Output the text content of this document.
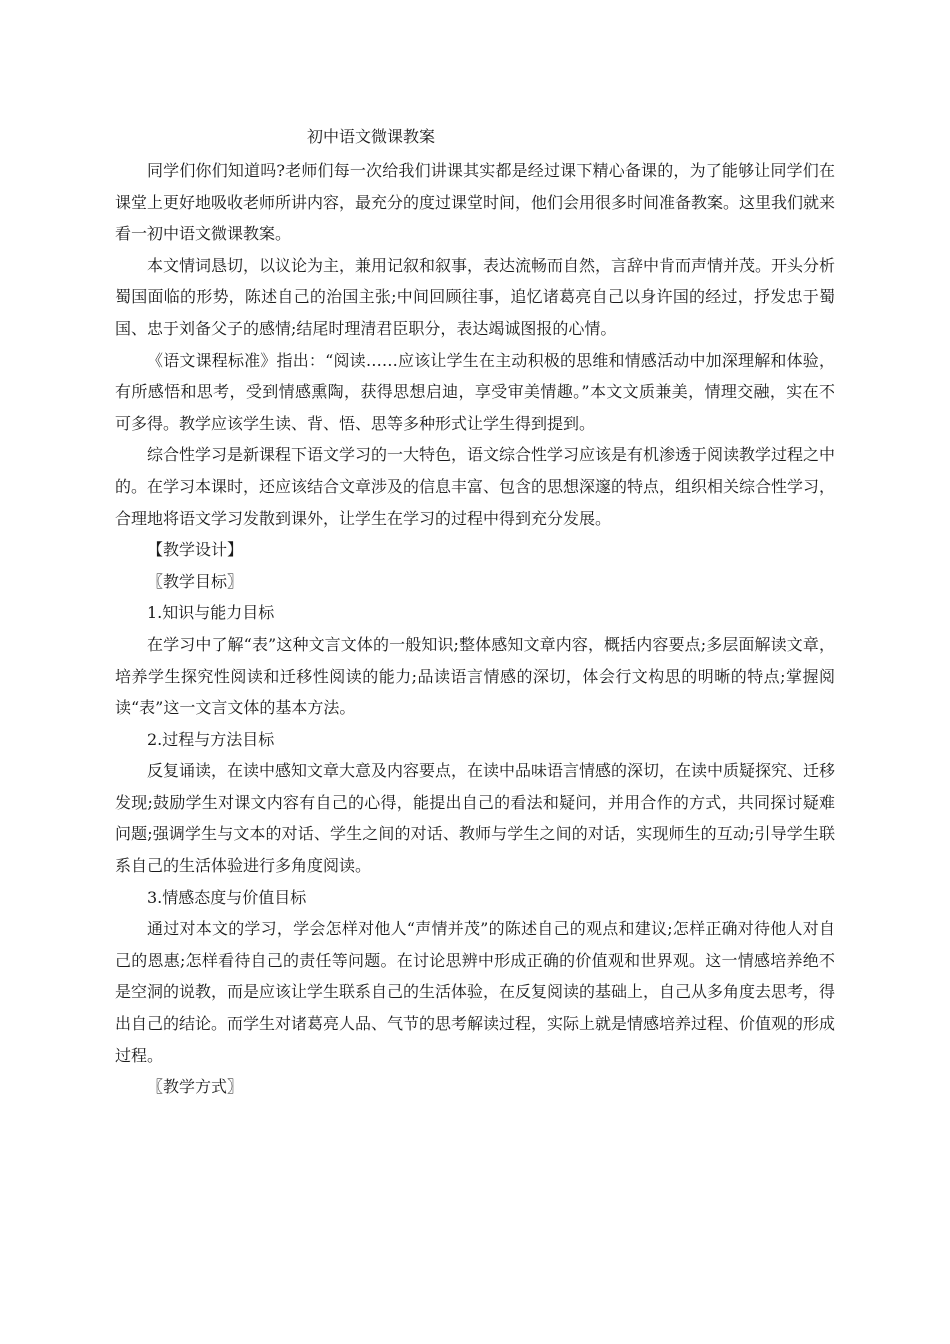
初中语文微课教案

同学们你们知道吗?老师们每一次给我们讲课其实都是经过课下精心备课的，为了能够让同学们在课堂上更好地吸收老师所讲内容，最充分的度过课堂时间，他们会用很多时间准备教案。这里我们就来看一初中语文微课教案。

本文情词恳切，以议论为主，兼用记叙和叙事，表达流畅而自然，言辞中肯而声情并茂。开头分析蜀国面临的形势，陈述自己的治国主张;中间回顾往事，追忆诸葛亮自己以身许国的经过，抒发忠于蜀国、忠于刘备父子的感情;结尾时理清君臣职分，表达竭诚图报的心情。

《语文课程标准》指出：“阅读……应该让学生在主动积极的思维和情感活动中加深理解和体验，有所感悟和思考，受到情感熏陶，获得思想启迪，享受审美情趣。”本文文质兼美，情理交融，实在不可多得。教学应该学生读、背、悟、思等多种形式让学生得到提到。

综合性学习是新课程下语文学习的一大特色，语文综合性学习应该是有机渗透于阅读教学过程之中的。在学习本课时，还应该结合文章涉及的信息丰富、包含的思想深邃的特点，组织相关综合性学习，合理地将语文学习发散到课外，让学生在学习的过程中得到充分发展。

【教学设计】

〖教学目标〗

1.知识与能力目标

在学习中了解“表”这种文言文体的一般知识;整体感知文章内容，概括内容要点;多层面解读文章，培养学生探究性阅读和迁移性阅读的能力;品读语言情感的深切，体会行文构思的明晰的特点;掌握阅读“表”这一文言文体的基本方法。

2.过程与方法目标

反复诵读，在读中感知文章大意及内容要点，在读中品味语言情感的深切，在读中质疑探究、迁移发现;鼓励学生对课文内容有自己的心得，能提出自己的看法和疑问，并用合作的方式，共同探讨疑难问题;强调学生与文本的对话、学生之间的对话、教师与学生之间的对话，实现师生的互动;引导学生联系自己的生活体验进行多角度阅读。

3.情感态度与价值目标

通过对本文的学习，学会怎样对他人“声情并茂”的陈述自己的观点和建议;怎样正确对待他人对自己的恩惠;怎样看待自己的责任等问题。在讨论思辨中形成正确的价值观和世界观。这一情感培养绝不是空洞的说教，而是应该让学生联系自己的生活体验，在反复阅读的基础上，自己从多角度去思考，得出自己的结论。而学生对诸葛亮人品、气节的思考解读过程，实际上就是情感培养过程、价值观的形成过程。

〖教学方式〗
